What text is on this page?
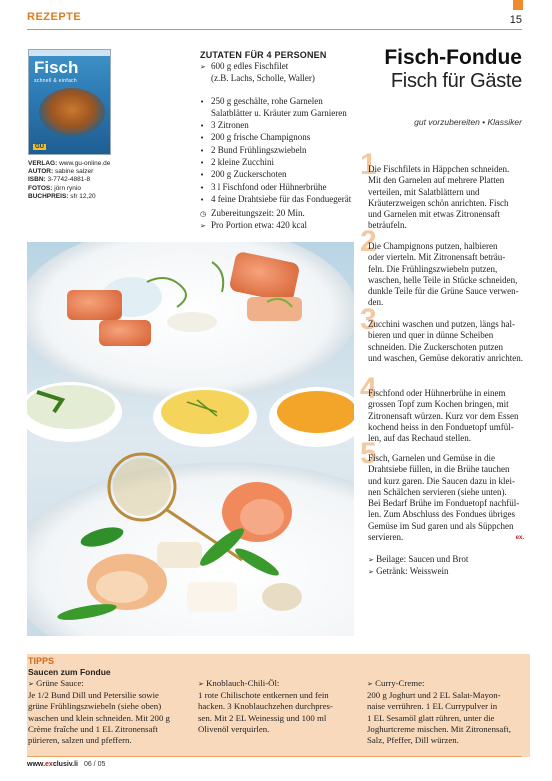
REZEPTE	15
Fisch
schnell & einfach
GU
VERLAG: www.gu-online.de
AUTOR: sabine salzer
ISBN: 3-7742-4881-8
FOTOS: jörn rynio
BUCHPREIS: sfr 12,20
ZUTATEN FÜR 4 PERSONEN
➢ 600 g edles Fischfilet
(z.B. Lachs, Scholle, Waller)
• 250 g geschälte, rohe Garnelen
Salatblätter u. Kräuter zum Garnieren
• 3 Zitronen
• 200 g frische Champignons
• 2 Bund Frühlingszwiebeln
• 2 kleine Zucchini
• 200 g Zuckerschoten
• 3 l Fischfond oder Hühnerbrühe
• 4 feine Drahtsiebe für das Fonduegerät
◷ Zubereitungszeit: 20 Min.
➢ Pro Portion etwa: 420 kcal
Fisch-Fondue
Fisch für Gäste
gut vorzubereiten • Klassiker
1
Die Fischfilets in Häppchen schneiden.
Mit den Garnelen auf mehrere Platten
verteilen, mit Salatblättern und
Kräuterzweigen schön anrichten. Fisch
und Garnelen mit etwas Zitronensaft
beträufeln.
2
Die Champignons putzen, halbieren
oder vierteln. Mit Zitronensaft beträu-
feln. Die Frühlingszwiebeln putzen,
waschen, helle Teile in Stücke schneiden,
dunkle Teile für die Grüne Sauce verwen-
den.
3
Zucchini waschen und putzen, längs hal-
bieren und quer in dünne Scheiben
schneiden. Die Zuckerschoten putzen
und waschen, Gemüse dekorativ anrichten.
4
Fischfond oder Hühnerbrühe in einem
grossen Topf zum Kochen bringen, mit
Zitronensaft würzen. Kurz vor dem Essen
kochend heiss in den Fonduetopf umfül-
len, auf das Rechaud stellen.
5
Fisch, Garnelen und Gemüse in die
Drahtsiebe füllen, in die Brühe tauchen
und kurz garen. Die Saucen dazu in klei-
nen Schälchen servieren (siehe unten).
Bei Bedarf Brühe im Fonduetopf nachfül-
len. Zum Abschluss des Fondues übriges
Gemüse im Sud garen und als Süppchen
servieren.	ex.
➢ Beilage: Saucen und Brot
➢ Getränk: Weisswein
TIPPS
Saucen zum Fondue
➢ Grüne Sauce:
Je 1/2 Bund Dill und Petersilie sowie
grüne Frühlingszwiebeln (siehe oben)
waschen und klein schneiden. Mit 200 g
Crème fraîche und 1 EL Zitronensaft
pürieren, salzen und pfeffern.
➢ Knoblauch-Chili-Öl:
1 rote Chilischote entkernen und fein
hacken. 3 Knoblauchzehen durchpres-
sen. Mit 2 EL Weinessig und 100 ml
Olivenöl verquirlen.
➢ Curry-Creme:
200 g Joghurt und 2 EL Salat-Mayon-
naise verrühren. 1 EL Currypulver in
1 EL Sesamöl glatt rühren, unter die
Joghurtcreme mischen. Mit Zitronensaft,
Salz, Pfeffer, Dill würzen.
www.exclusiv.li 06 / 05
